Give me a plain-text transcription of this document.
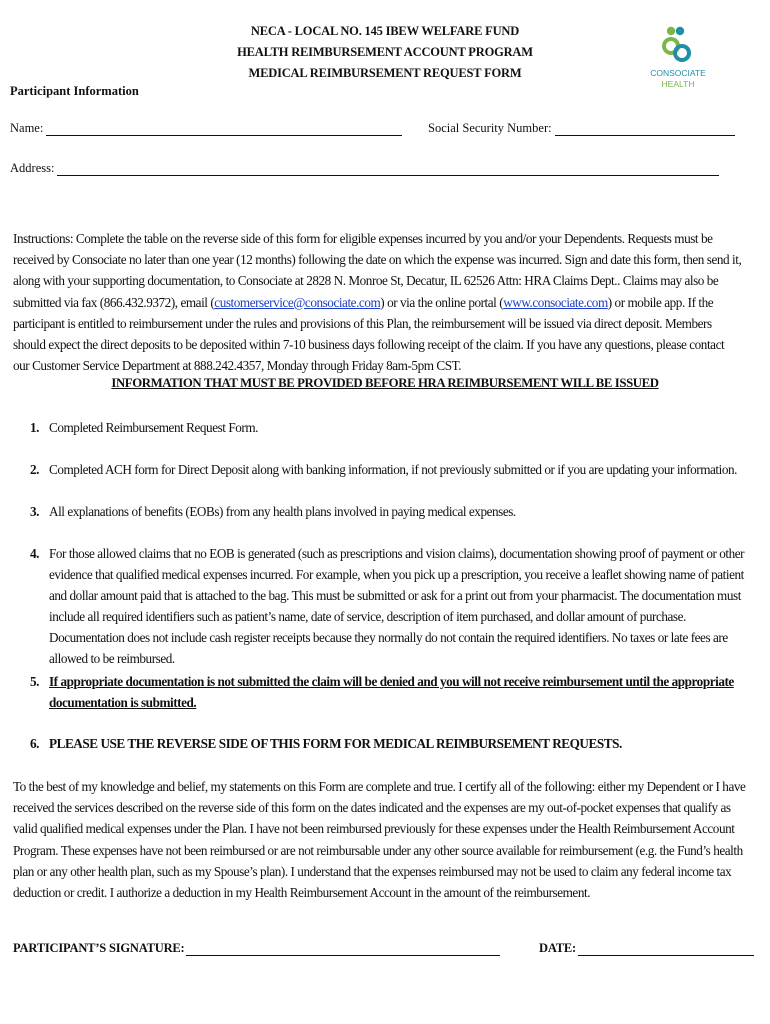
NECA - LOCAL NO. 145 IBEW WELFARE FUND
HEALTH REIMBURSEMENT ACCOUNT PROGRAM
MEDICAL REIMBURSEMENT REQUEST FORM	CONSOCIATE
HEALTH
Participant Information
Name:	Social Security Number:
Address:
Instructions: Complete the table on the reverse side of this form for eligible expenses incurred by you and/or your Dependents. Requests must be received by Consociate no later than one year (12 months) following the date on which the expense was incurred. Sign and date this form, then send it, along with your supporting documentation, to Consociate at 2828 N. Monroe St, Decatur, IL 62526 Attn: HRA Claims Dept.. Claims may also be submitted via fax (866.432.9372), email (customerservice@consociate.com) or via the online portal (www.consociate.com) or mobile app. If the participant is entitled to reimbursement under the rules and provisions of this Plan, the reimbursement will be issued via direct deposit. Members should expect the direct deposits to be deposited within 7-10 business days following receipt of the claim. If you have any questions, please contact our Customer Service Department at 888.242.4357, Monday through Friday 8am-5pm CST.
INFORMATION THAT MUST BE PROVIDED BEFORE HRA REIMBURSEMENT WILL BE ISSUED
1. Completed Reimbursement Request Form.
2. Completed ACH form for Direct Deposit along with banking information, if not previously submitted or if you are updating your information.
3. All explanations of benefits (EOBs) from any health plans involved in paying medical expenses.
4. For those allowed claims that no EOB is generated (such as prescriptions and vision claims), documentation showing proof of payment or other evidence that qualified medical expenses incurred. For example, when you pick up a prescription, you receive a leaflet showing name of patient and dollar amount paid that is attached to the bag. This must be submitted or ask for a print out from your pharmacist. The documentation must include all required identifiers such as patient’s name, date of service, description of item purchased, and dollar amount of purchase. Documentation does not include cash register receipts because they normally do not contain the required identifiers. No taxes or late fees are allowed to be reimbursed.
5. If appropriate documentation is not submitted the claim will be denied and you will not receive reimbursement until the appropriate documentation is submitted.
6. PLEASE USE THE REVERSE SIDE OF THIS FORM FOR MEDICAL REIMBURSEMENT REQUESTS.
To the best of my knowledge and belief, my statements on this Form are complete and true. I certify all of the following: either my Dependent or I have received the services described on the reverse side of this form on the dates indicated and the expenses are my out-of-pocket expenses that qualify as valid qualified medical expenses under the Plan. I have not been reimbursed previously for these expenses under the Health Reimbursement Account Program. These expenses have not been reimbursed or are not reimbursable under any other source available for reimbursement (e.g. the Fund’s health plan or any other health plan, such as my Spouse’s plan). I understand that the expenses reimbursed may not be used to claim any federal income tax deduction or credit. I authorize a deduction in my Health Reimbursement Account in the amount of the reimbursement.
PARTICIPANT’S SIGNATURE:	DATE:
